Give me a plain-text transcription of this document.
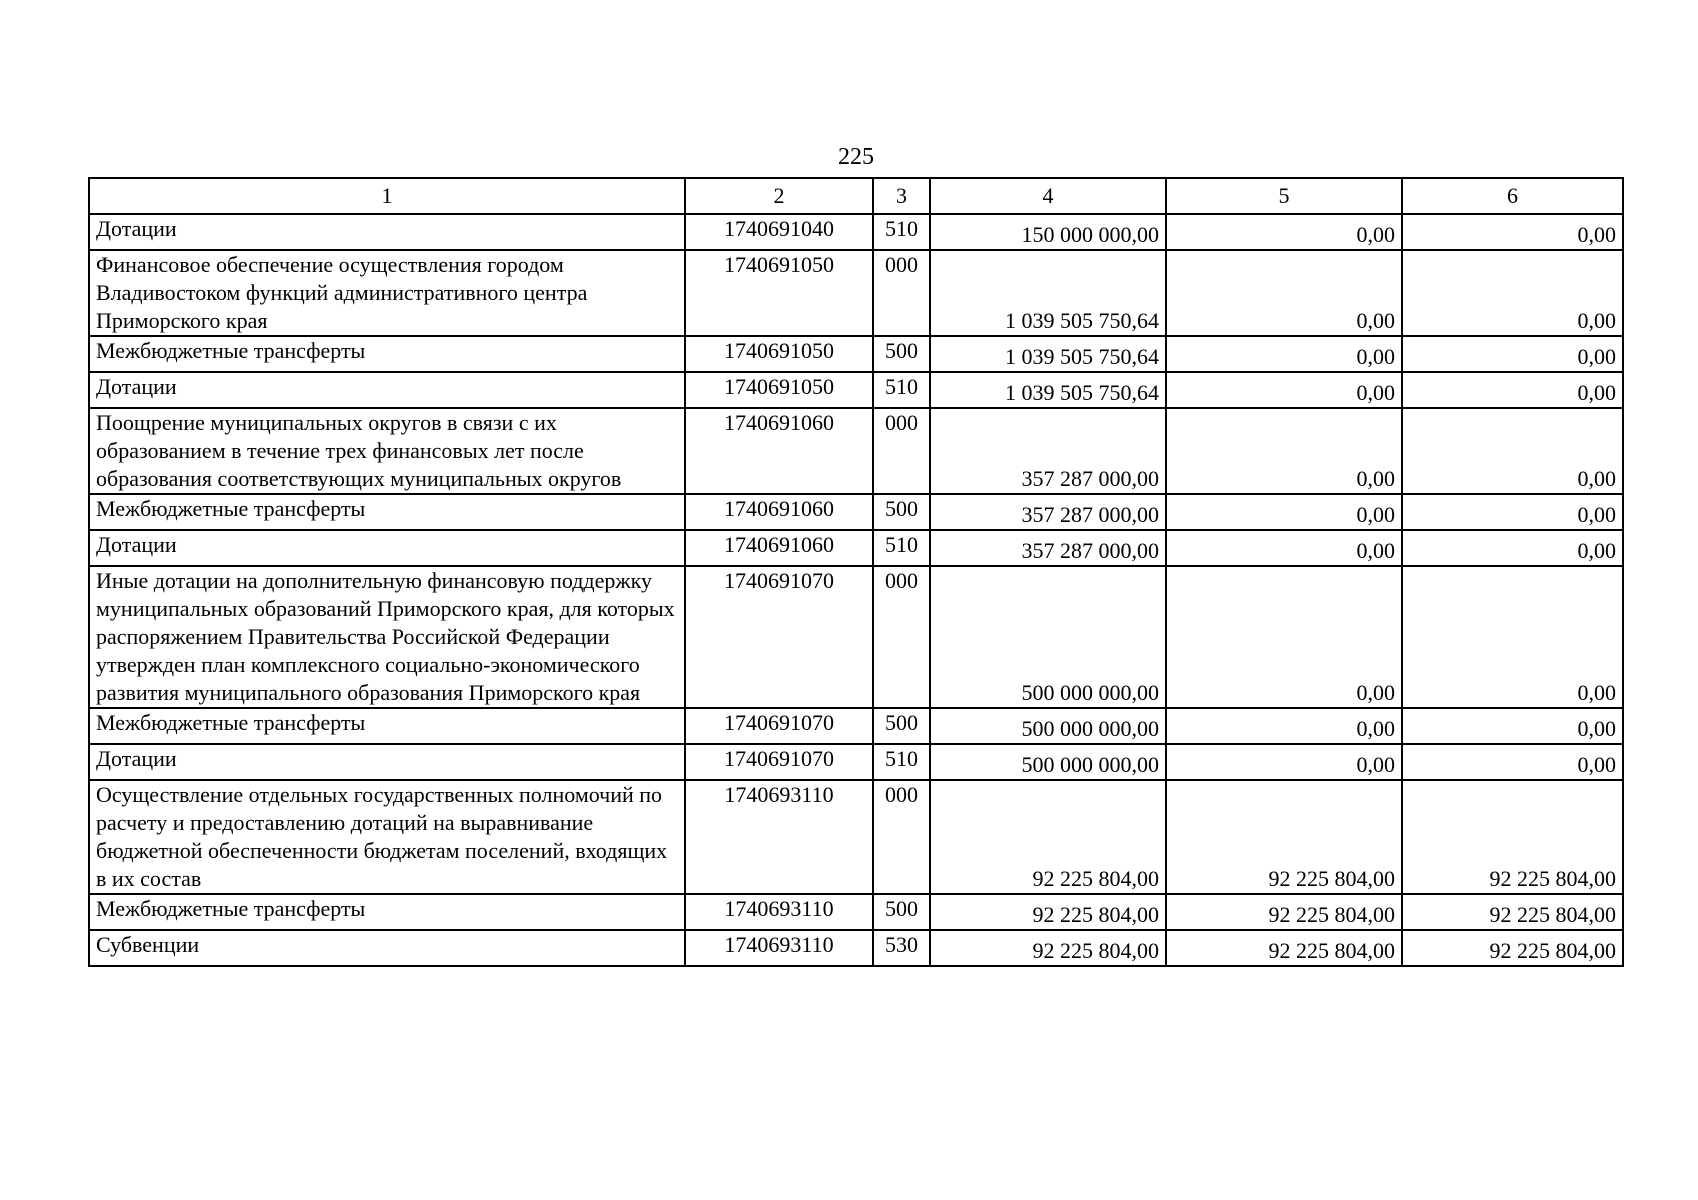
225
1	2	3	4	5	6
Дотации	1740691040	510	150 000 000,00	0,00	0,00
Финансовое обеспечение осуществления городом Владивостоком функций административного центра Приморского края	1740691050	000	1 039 505 750,64	0,00	0,00
Межбюджетные трансферты	1740691050	500	1 039 505 750,64	0,00	0,00
Дотации	1740691050	510	1 039 505 750,64	0,00	0,00
Поощрение муниципальных округов в связи с их образованием в течение трех финансовых лет после образования соответствующих муниципальных округов	1740691060	000	357 287 000,00	0,00	0,00
Межбюджетные трансферты	1740691060	500	357 287 000,00	0,00	0,00
Дотации	1740691060	510	357 287 000,00	0,00	0,00
Иные дотации на дополнительную финансовую поддержку муниципальных образований Приморского края, для которых распоряжением Правительства Российской Федерации утвержден план комплексного социально-экономического развития муниципального образования Приморского края	1740691070	000	500 000 000,00	0,00	0,00
Межбюджетные трансферты	1740691070	500	500 000 000,00	0,00	0,00
Дотации	1740691070	510	500 000 000,00	0,00	0,00
Осуществление отдельных государственных полномочий по расчету и предоставлению дотаций на выравнивание бюджетной обеспеченности бюджетам поселений, входящих в их состав	1740693110	000	92 225 804,00	92 225 804,00	92 225 804,00
Межбюджетные трансферты	1740693110	500	92 225 804,00	92 225 804,00	92 225 804,00
Субвенции	1740693110	530	92 225 804,00	92 225 804,00	92 225 804,00
